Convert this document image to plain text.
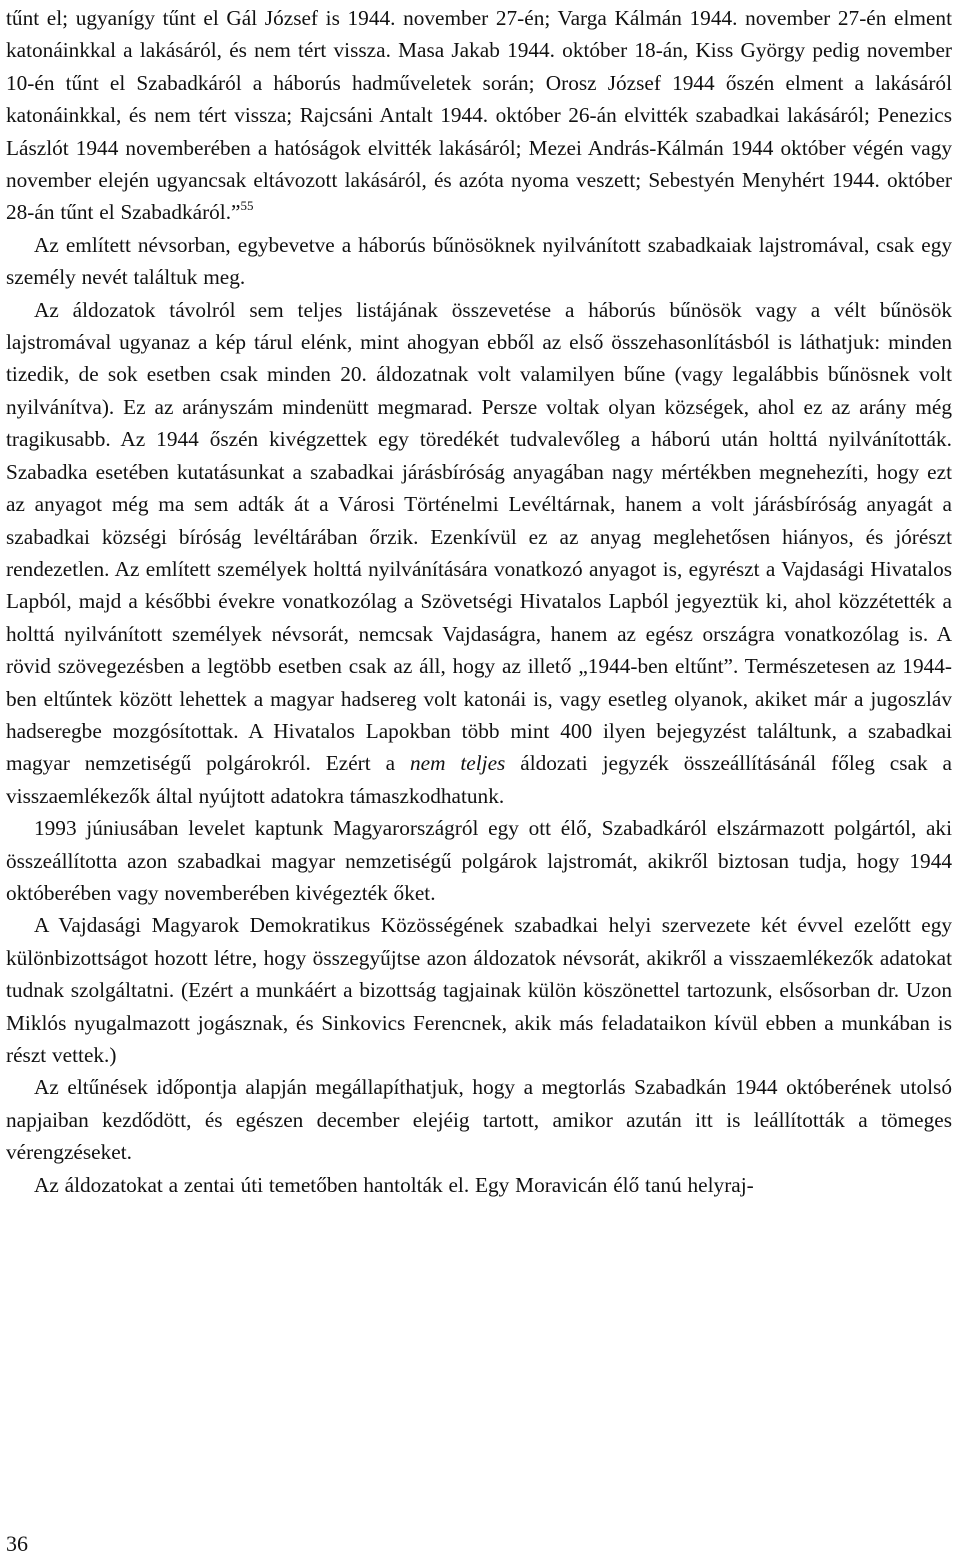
tűnt el; ugyanígy tűnt el Gál József is 1944. november 27-én; Varga Kálmán 1944. november 27-én elment katonáinkkal a lakásáról, és nem tért vissza. Masa Jakab 1944. október 18-án, Kiss György pedig november 10-én tűnt el Szabadkáról a háborús hadműveletek során; Orosz József 1944 őszén elment a lakásáról katonáinkkal, és nem tért vissza; Rajcsáni Antalt 1944. október 26-án elvitték szabadkai lakásáról; Penezics Lászlót 1944 novemberében a hatóságok elvitték lakásáról; Mezei András-Kálmán 1944 október végén vagy november elején ugyancsak eltávozott lakásáról, és azóta nyoma veszett; Sebestyén Menyhért 1944. október 28-án tűnt el Szabadkáról.”$^{55}$

Az említett névsorban, egybevetve a háborús bűnösöknek nyilvánított szabadkaiak lajstromával, csak egy személy nevét találtuk meg.

Az áldozatok távolról sem teljes listájának összevetése a háborús bűnösök vagy a vélt bűnösök lajstromával ugyanaz a kép tárul elénk, mint ahogyan ebből az első összehasonlításból is láthatjuk: minden tizedik, de sok esetben csak minden 20. áldozatnak volt valamilyen bűne (vagy legalábbis bűnösnek volt nyilvánítva). Ez az arányszám mindenütt megmarad. Persze voltak olyan községek, ahol ez az arány még tragikusabb. Az 1944 őszén kivégzettek egy töredékét tudvalevőleg a háború után holttá nyilvánították. Szabadka esetében kutatásunkat a szabadkai járásbíróság anyagában nagy mértékben megnehezíti, hogy ezt az anyagot még ma sem adták át a Városi Történelmi Levéltárnak, hanem a volt járásbíróság anyagát a szabadkai községi bíróság levéltárában őrzik. Ezenkívül ez az anyag meglehetősen hiányos, és jórészt rendezetlen. Az említett személyek holttá nyilvánítására vonatkozó anyagot is, egyrészt a Vajdasági Hivatalos Lapból, majd a későbbi évekre vonatkozólag a Szövetségi Hivatalos Lapból jegyeztük ki, ahol közzétették a holttá nyilvánított személyek névsorát, nemcsak Vajdaságra, hanem az egész országra vonatkozólag is. A rövid szövegezésben a legtöbb esetben csak az áll, hogy az illető „1944-ben eltűnt”. Természetesen az 1944-ben eltűntek között lehettek a magyar hadsereg volt katonái is, vagy esetleg olyanok, akiket már a jugoszláv hadseregbe mozgósítottak. A Hivatalos Lapokban több mint 400 ilyen bejegyzést találtunk, a szabadkai magyar nemzetiségű polgárokról. Ezért a nem teljes áldozati jegyzék összeállításánál főleg csak a visszaemlékezők által nyújtott adatokra támaszkodhatunk.

1993 júniusában levelet kaptunk Magyarországról egy ott élő, Szabadkáról elszármazott polgártól, aki összeállította azon szabadkai magyar nemzetiségű polgárok lajstromát, akikről biztosan tudja, hogy 1944 októberében vagy novemberében kivégezték őket.

A Vajdasági Magyarok Demokratikus Közösségének szabadkai helyi szervezete két évvel ezelőtt egy különbizottságot hozott létre, hogy összegyűjtse azon áldozatok névsorát, akikről a visszaemlékezők adatokat tudnak szolgáltatni. (Ezért a munkáért a bizottság tagjainak külön köszönettel tartozunk, elsősorban dr. Uzon Miklós nyugalmazott jogásznak, és Sinkovics Ferencnek, akik más feladataikon kívül ebben a munkában is részt vettek.)

Az eltűnések időpontja alapján megállapíthatjuk, hogy a megtorlás Szabadkán 1944 októberének utolsó napjaiban kezdődött, és egészen december elejéig tartott, amikor azután itt is leállították a tömeges vérengzéseket.

Az áldozatokat a zentai úti temetőben hantolták el. Egy Moravicán élő tanú helyraj-

36
